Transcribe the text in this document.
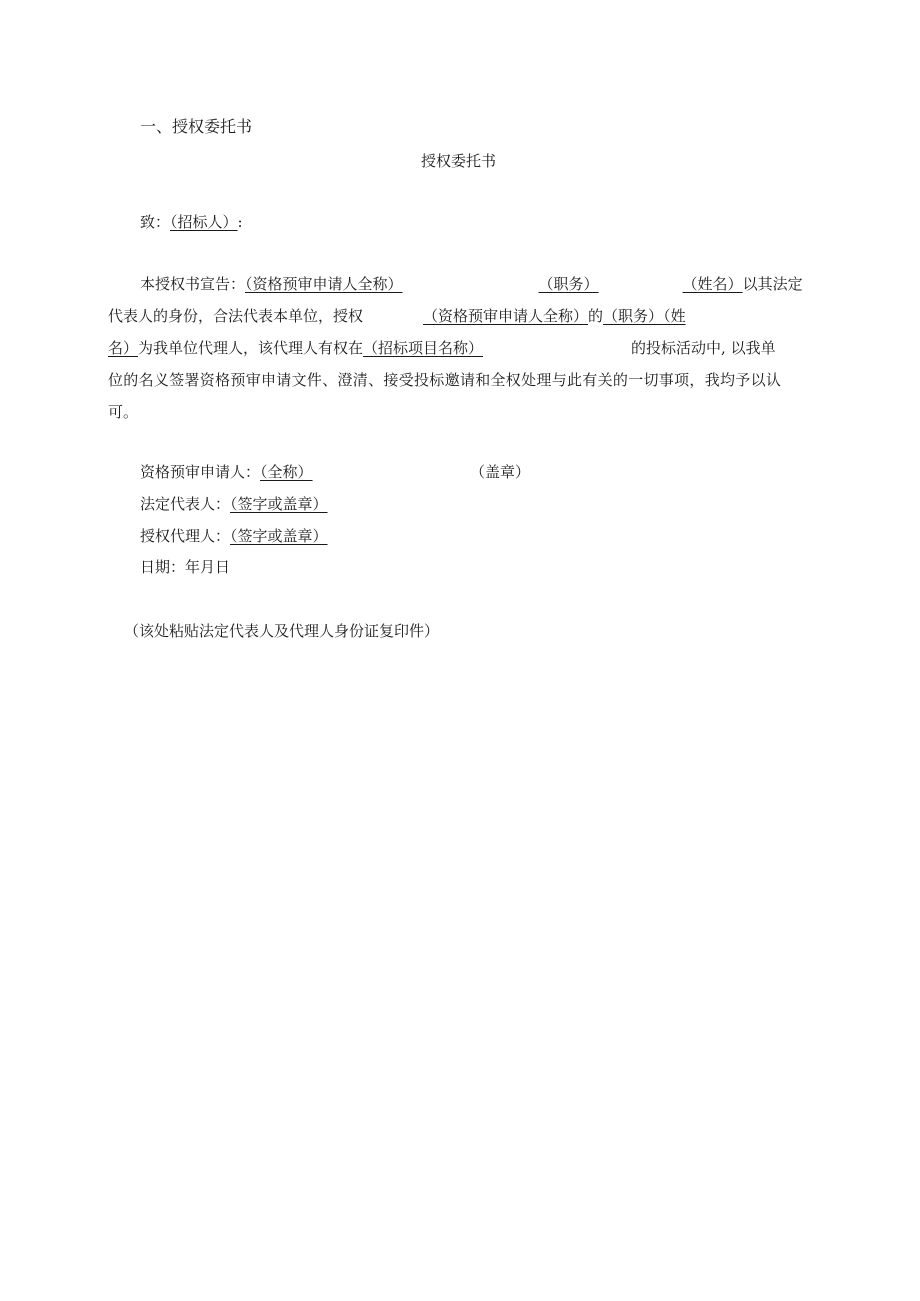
一、授权委托书
授权委托书
致：（招标人）:
本授权书宣告：（资格预审申请人全称）	（职务）	（姓名）以其法定
代表人的身份，合法代表本单位，授权	（资格预审申请人全称）的（职务）（姓
名）为我单位代理人，该代理人有权在（招标项目名称）	的投标活动中, 以我单
位的名义签署资格预审申请文件、澄清、接受投标邀请和全权处理与此有关的一切事项，我均予以认
可。
资格预审申请人：（全称）	（盖章）
法定代表人：（签字或盖章）
授权代理人：（签字或盖章）
日期：年月日
（该处粘贴法定代表人及代理人身份证复印件）
